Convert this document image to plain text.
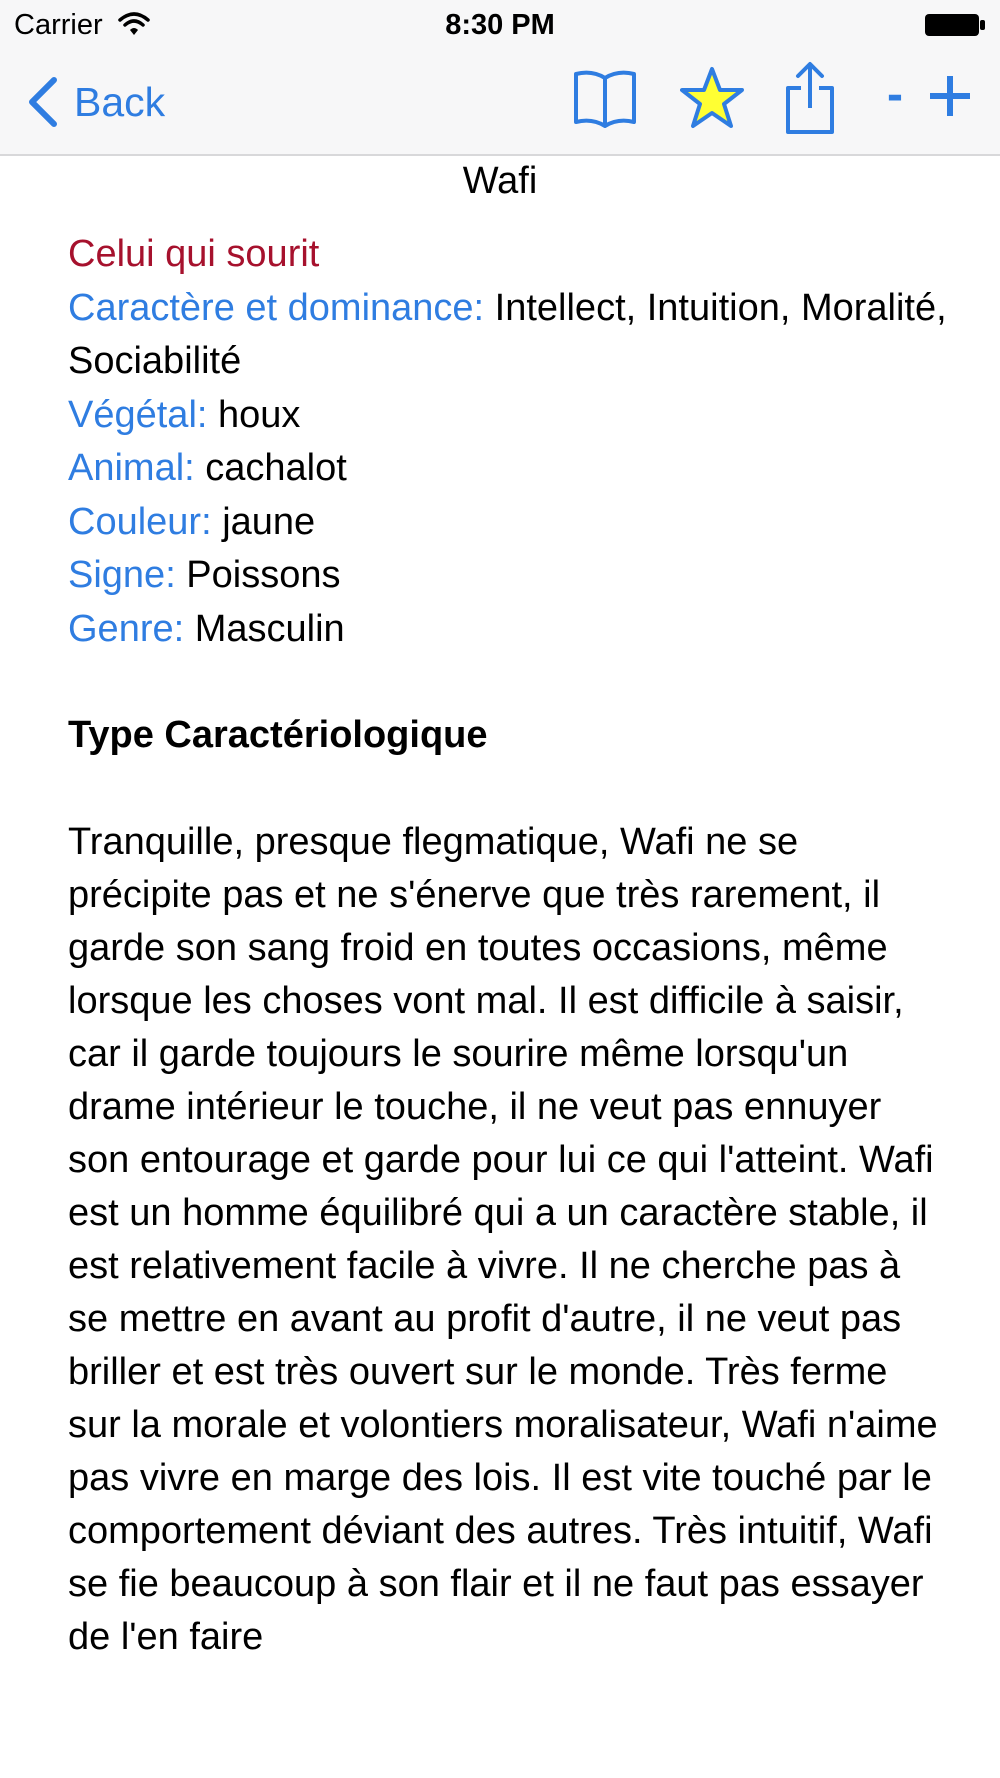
Carrier	8:30 PM
Back	-
Wafi
Celui qui sourit
Caractère et dominance: Intellect, Intuition, Moralité, Sociabilité
Végétal: houx
Animal: cachalot
Couleur: jaune
Signe: Poissons
Genre: Masculin
Type Caractériologique
Tranquille, presque flegmatique, Wafi ne se précipite pas et ne s'énerve que très rarement, il garde son sang froid en toutes occasions, même lorsque les choses vont mal. Il est difficile à saisir, car il garde toujours le sourire même lorsqu'un drame intérieur le touche, il ne veut pas ennuyer son entourage et garde pour lui ce qui l'atteint. Wafi est un homme équilibré qui a un caractère stable, il est relativement facile à vivre. Il ne cherche pas à se mettre en avant au profit d'autre, il ne veut pas briller et est très ouvert sur le monde. Très ferme sur la morale et volontiers moralisateur, Wafi n'aime pas vivre en marge des lois. Il est vite touché par le comportement déviant des autres. Très intuitif, Wafi se fie beaucoup à son flair et il ne faut pas essayer de l'en faire
